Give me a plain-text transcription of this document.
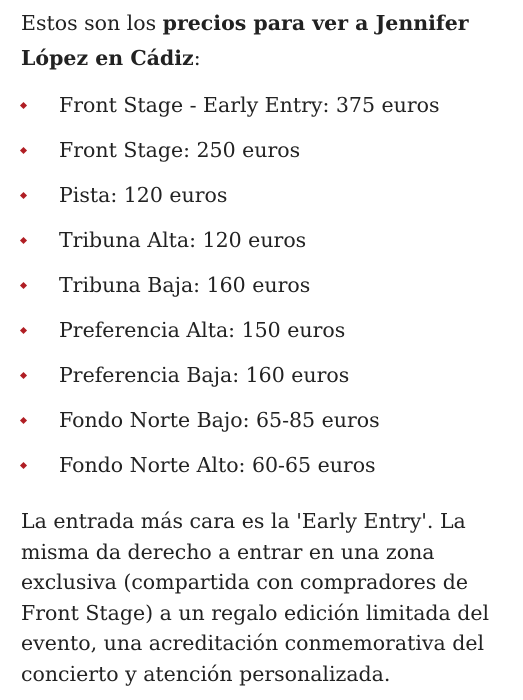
Estos son los precios para ver a Jennifer López en Cádiz:

Front Stage - Early Entry: 375 euros
Front Stage: 250 euros
Pista: 120 euros
Tribuna Alta: 120 euros
Tribuna Baja: 160 euros
Preferencia Alta: 150 euros
Preferencia Baja: 160 euros
Fondo Norte Bajo: 65-85 euros
Fondo Norte Alto: 60-65 euros

La entrada más cara es la 'Early Entry'. La misma da derecho a entrar en una zona exclusiva (compartida con compradores de Front Stage) a un regalo edición limitada del evento, una acreditación conmemorativa del concierto y atención personalizada.
